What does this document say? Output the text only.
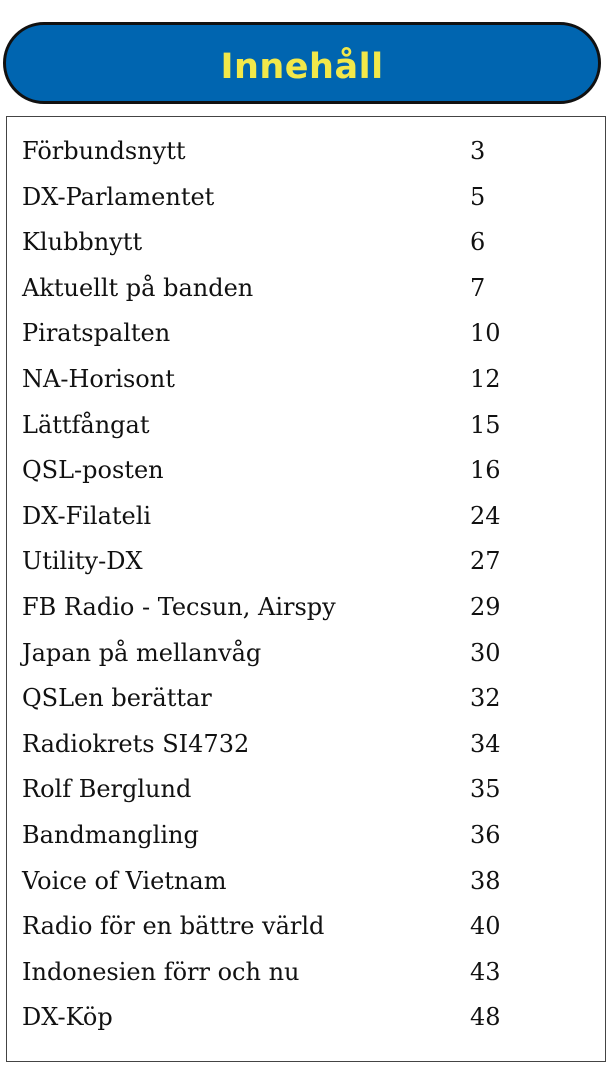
Innehåll
Förbundsnytt	3
DX-Parlamentet	5
Klubbnytt	6
Aktuellt på banden	7
Piratspalten	10
NA-Horisont	12
Lättfångat	15
QSL-posten	16
DX-Filateli	24
Utility-DX	27
FB Radio - Tecsun, Airspy	29
Japan på mellanvåg	30
QSLen berättar	32
Radiokrets SI4732	34
Rolf Berglund	35
Bandmangling	36
Voice of Vietnam	38
Radio för en bättre värld	40
Indonesien förr och nu	43
DX-Köp	48
